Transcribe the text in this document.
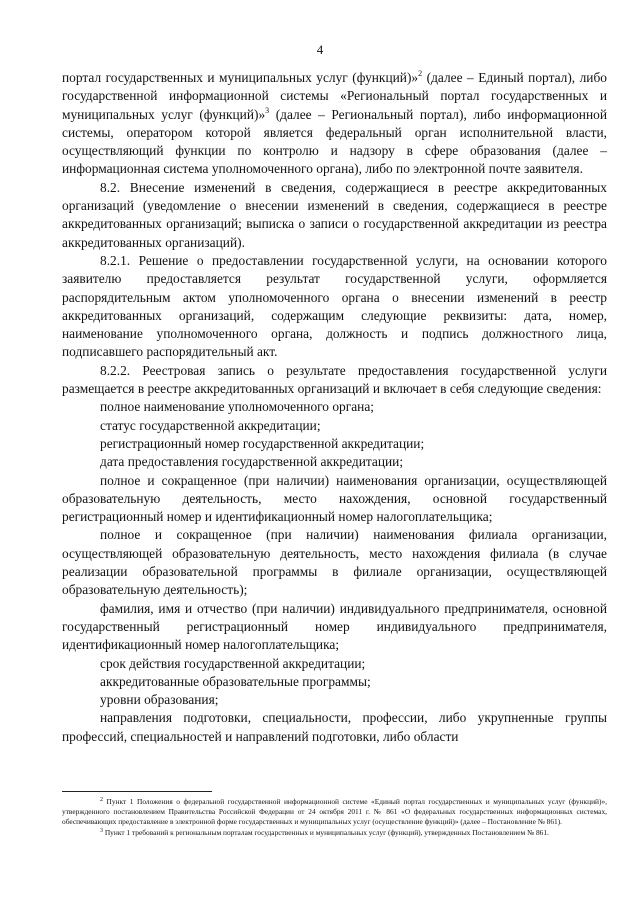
4

портал государственных и муниципальных услуг (функций)»$^2$ (далее – Единый портал), либо государственной информационной системы «Региональный портал государственных и муниципальных услуг (функций)»$^3$ (далее – Региональный портал), либо информационной системы, оператором которой является федеральный орган исполнительной власти, осуществляющий функции по контролю и надзору в сфере образования (далее – информационная система уполномоченного органа), либо по электронной почте заявителя.

8.2. Внесение изменений в сведения, содержащиеся в реестре аккредитованных организаций (уведомление о внесении изменений в сведения, содержащиеся в реестре аккредитованных организаций; выписка о записи о государственной аккредитации из реестра аккредитованных организаций).

8.2.1. Решение о предоставлении государственной услуги, на основании которого заявителю предоставляется результат государственной услуги, оформляется распорядительным актом уполномоченного органа о внесении изменений в реестр аккредитованных организаций, содержащим следующие реквизиты: дата, номер, наименование уполномоченного органа, должность и подпись должностного лица, подписавшего распорядительный акт.

8.2.2. Реестровая запись о результате предоставления государственной услуги размещается в реестре аккредитованных организаций и включает в себя следующие сведения:

полное наименование уполномоченного органа;

статус государственной аккредитации;

регистрационный номер государственной аккредитации;

дата предоставления государственной аккредитации;

полное и сокращенное (при наличии) наименования организации, осуществляющей образовательную деятельность, место нахождения, основной государственный регистрационный номер и идентификационный номер налогоплательщика;

полное и сокращенное (при наличии) наименования филиала организации, осуществляющей образовательную деятельность, место нахождения филиала (в случае реализации образовательной программы в филиале организации, осуществляющей образовательную деятельность);

фамилия, имя и отчество (при наличии) индивидуального предпринимателя, основной государственный регистрационный номер индивидуального предпринимателя, идентификационный номер налогоплательщика;

срок действия государственной аккредитации;

аккредитованные образовательные программы;

уровни образования;

направления подготовки, специальности, профессии, либо укрупненные группы профессий, специальностей и направлений подготовки, либо области

$^2$ Пункт 1 Положения о федеральной государственной информационной системе «Единый портал государственных и муниципальных услуг (функций)», утвержденного постановлением Правительства Российской Федерации от 24 октября 2011 г. № 861 «О федеральных государственных информационных системах, обеспечивающих предоставление в электронной форме государственных и муниципальных услуг (осуществление функций)» (далее – Постановление № 861).

$^3$ Пункт 1 требований к региональным порталам государственных и муниципальных услуг (функций), утвержденных Постановлением № 861.
